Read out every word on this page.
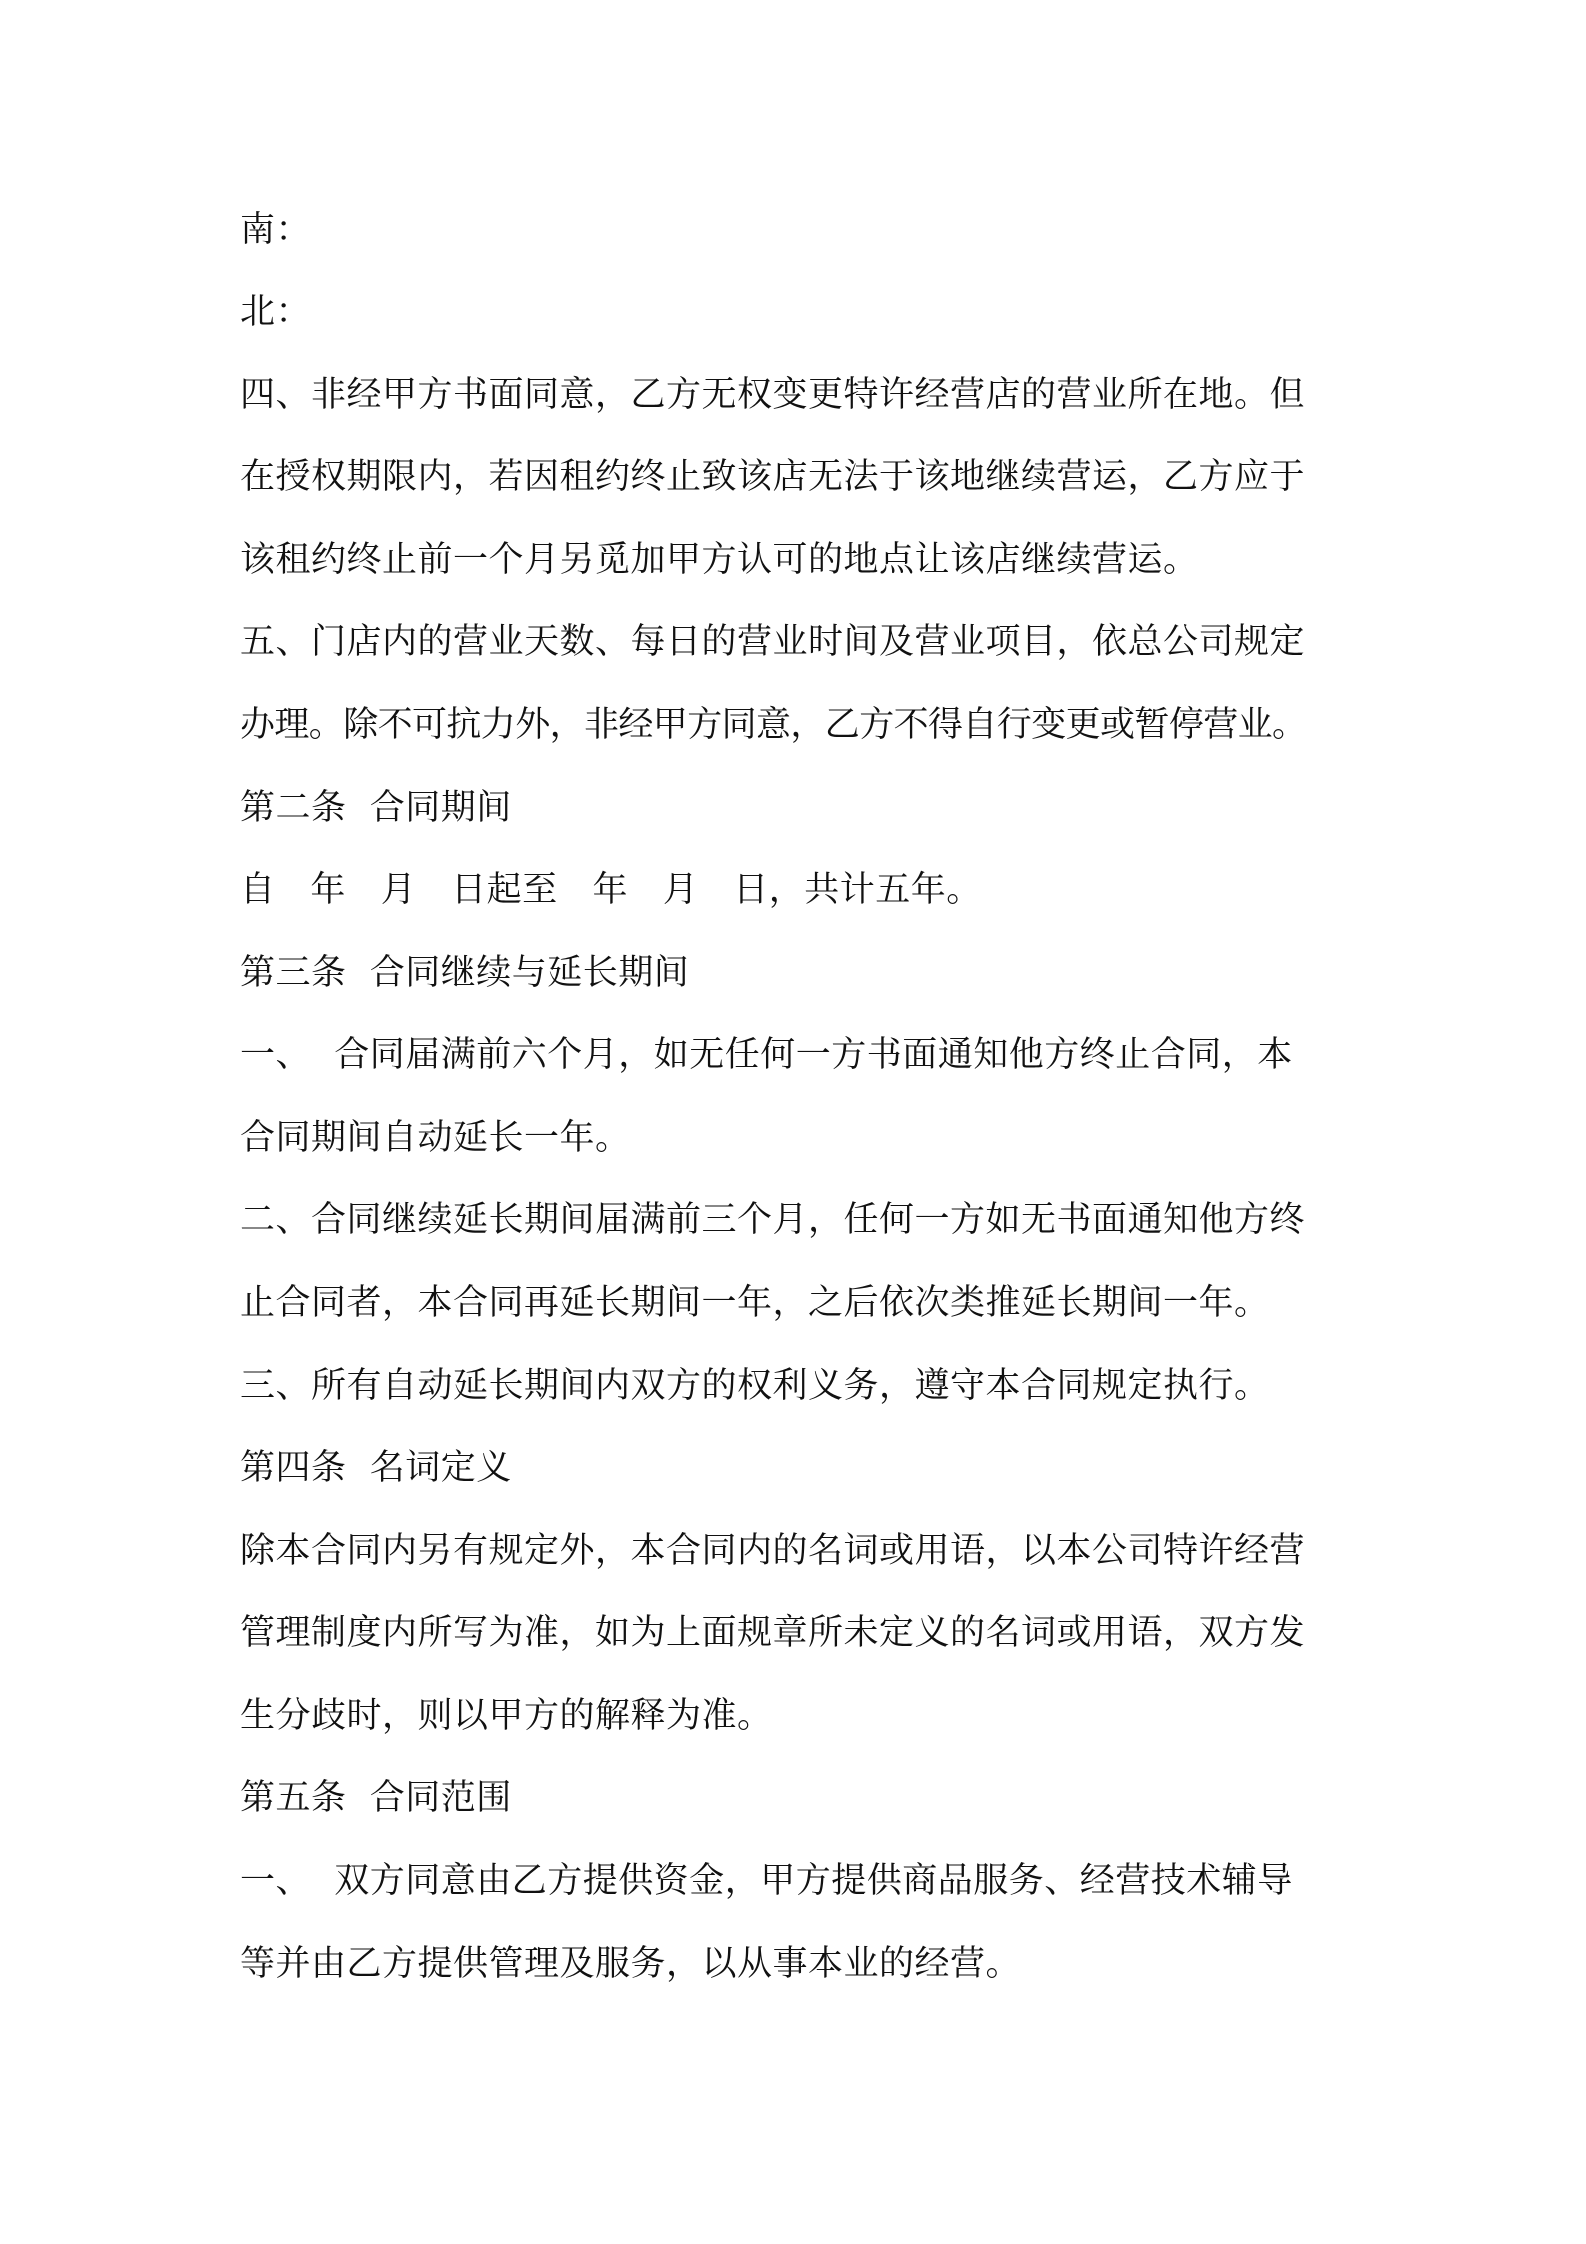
南：
北：
四、非经甲方书面同意，乙方无权变更特许经营店的营业所在地。但
在授权期限内，若因租约终止致该店无法于该地继续营运，乙方应于
该租约终止前一个月另觅加甲方认可的地点让该店继续营运。
五、门店内的营业天数、每日的营业时间及营业项目，依总公司规定
办理。除不可抗力外，非经甲方同意，乙方不得自行变更或暂停营业。
第二条  合同期间
自   年   月   日起至   年   月   日，共计五年。
第三条  合同继续与延长期间
一、  合同届满前六个月，如无任何一方书面通知他方终止合同，本
合同期间自动延长一年。
二、合同继续延长期间届满前三个月，任何一方如无书面通知他方终
止合同者，本合同再延长期间一年，之后依次类推延长期间一年。
三、所有自动延长期间内双方的权利义务，遵守本合同规定执行。
第四条  名词定义
除本合同内另有规定外，本合同内的名词或用语，以本公司特许经营
管理制度内所写为准，如为上面规章所未定义的名词或用语，双方发
生分歧时，则以甲方的解释为准。
第五条  合同范围
一、  双方同意由乙方提供资金，甲方提供商品服务、经营技术辅导
等并由乙方提供管理及服务，以从事本业的经营。
